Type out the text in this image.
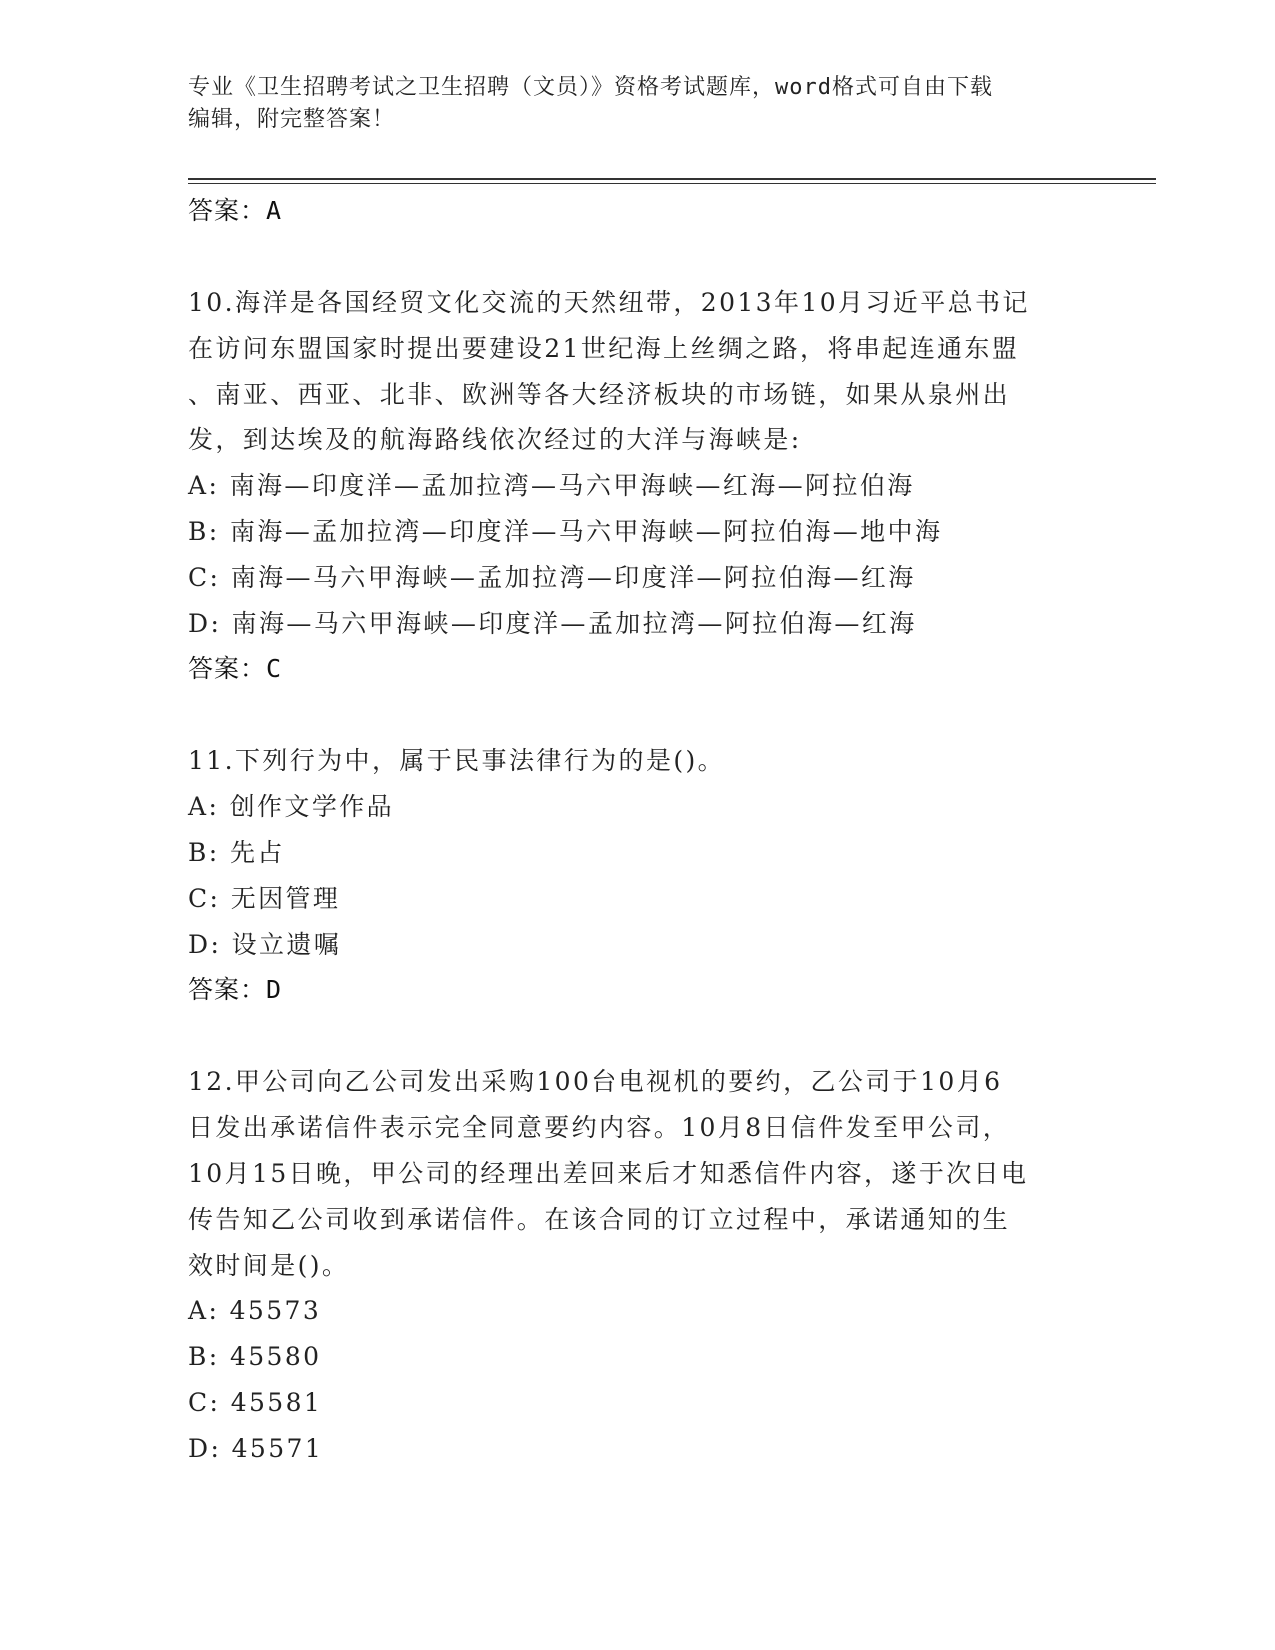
专业《卫生招聘考试之卫生招聘（文员）》资格考试题库，word格式可自由下载
编辑，附完整答案！
答案：A
10.海洋是各国经贸文化交流的天然纽带，2013年10月习近平总书记
在访问东盟国家时提出要建设21世纪海上丝绸之路，将串起连通东盟
、南亚、西亚、北非、欧洲等各大经济板块的市场链，如果从泉州出
发，到达埃及的航海路线依次经过的大洋与海峡是:
A: 南海—印度洋—孟加拉湾—马六甲海峡—红海—阿拉伯海
B: 南海—孟加拉湾—印度洋—马六甲海峡—阿拉伯海—地中海
C: 南海—马六甲海峡—孟加拉湾—印度洋—阿拉伯海—红海
D: 南海—马六甲海峡—印度洋—孟加拉湾—阿拉伯海—红海
答案：C
11.下列行为中，属于民事法律行为的是()。
A: 创作文学作品
B: 先占
C: 无因管理
D: 设立遗嘱
答案：D
12.甲公司向乙公司发出采购100台电视机的要约，乙公司于10月6
日发出承诺信件表示完全同意要约内容。10月8日信件发至甲公司，
10月15日晚，甲公司的经理出差回来后才知悉信件内容，遂于次日电
传告知乙公司收到承诺信件。在该合同的订立过程中，承诺通知的生
效时间是()。
A: 45573
B: 45580
C: 45581
D: 45571
